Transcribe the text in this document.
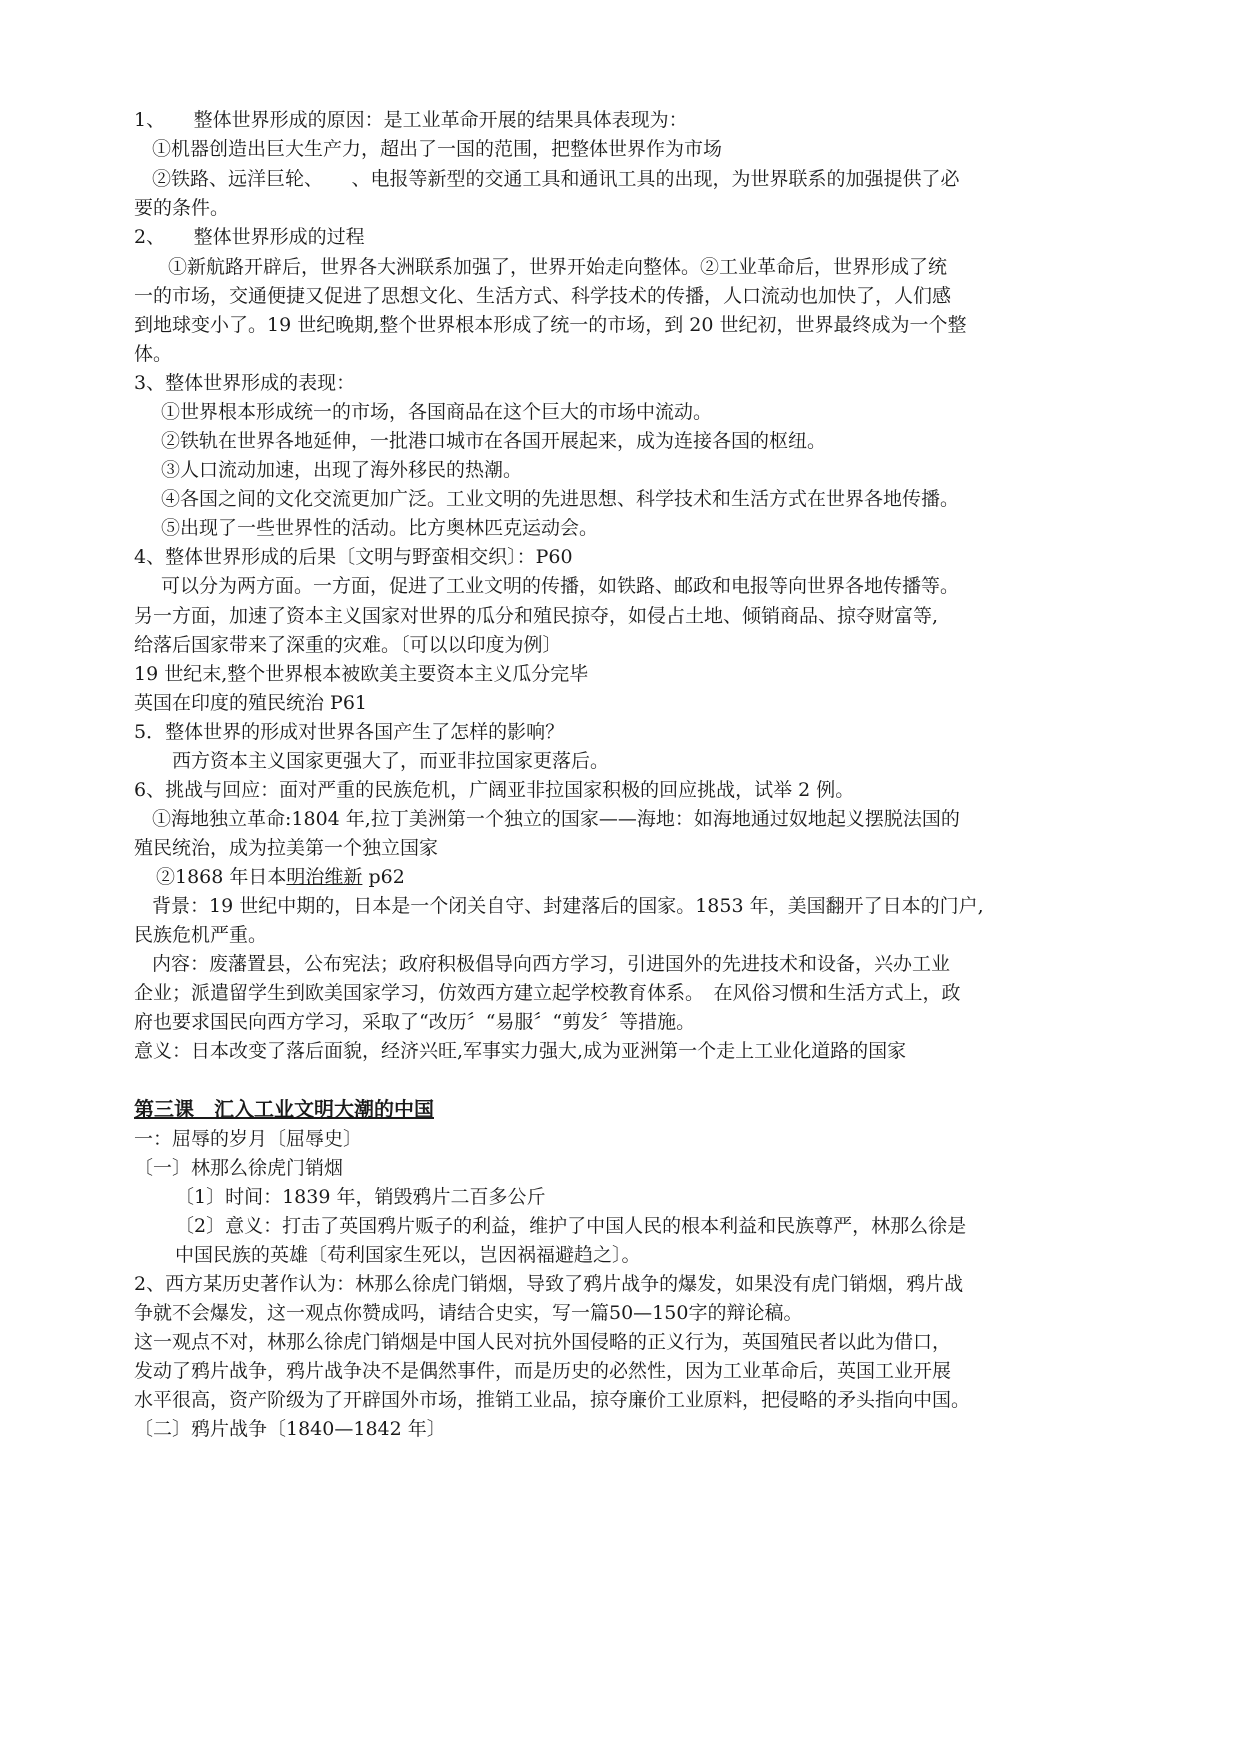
1、　　整体世界形成的原因：是工业革命开展的结果具体表现为：
①机器创造出巨大生产力，超出了一国的范围，把整体世界作为市场
②铁路、远洋巨轮、　　、电报等新型的交通工具和通讯工具的出现，为世界联系的加强提供了必
要的条件。
2、　　整体世界形成的过程
①新航路开辟后，世界各大洲联系加强了，世界开始走向整体。②工业革命后，世界形成了统
一的市场，交通便捷又促进了思想文化、生活方式、科学技术的传播，人口流动也加快了，人们感
到地球变小了。19 世纪晚期,整个世界根本形成了统一的市场，到 20 世纪初，世界最终成为一个整
体。
3、整体世界形成的表现：
①世界根本形成统一的市场，各国商品在这个巨大的市场中流动。
②铁轨在世界各地延伸，一批港口城市在各国开展起来，成为连接各国的枢纽。
③人口流动加速，出现了海外移民的热潮。
④各国之间的文化交流更加广泛。工业文明的先进思想、科学技术和生活方式在世界各地传播。
⑤出现了一些世界性的活动。比方奥林匹克运动会。
4、整体世界形成的后果〔文明与野蛮相交织〕：P60
可以分为两方面。一方面，促进了工业文明的传播，如铁路、邮政和电报等向世界各地传播等。
另一方面，加速了资本主义国家对世界的瓜分和殖民掠夺，如侵占土地、倾销商品、掠夺财富等,
给落后国家带来了深重的灾难。〔可以以印度为例〕
19 世纪末,整个世界根本被欧美主要资本主义瓜分完毕
英国在印度的殖民统治 P61
5．整体世界的形成对世界各国产生了怎样的影响？
西方资本主义国家更强大了，而亚非拉国家更落后。
6、挑战与回应：面对严重的民族危机，广阔亚非拉国家积极的回应挑战，试举 2 例。
①海地独立革命:1804 年,拉丁美洲第一个独立的国家——海地：如海地通过奴地起义摆脱法国的
殖民统治，成为拉美第一个独立国家
②1868 年日本明治维新 p62
背景：19 世纪中期的，日本是一个闭关自守、封建落后的国家。1853 年，美国翻开了日本的门户,
民族危机严重。
内容：废藩置县，公布宪法；政府积极倡导向西方学习，引进国外的先进技术和设备，兴办工业
企业；派遣留学生到欧美国家学习，仿效西方建立起学校教育体系。　在风俗习惯和生活方式上，政
府也要求国民向西方学习，采取了“改历〞“易服〞“剪发〞等措施。
意义：日本改变了落后面貌，经济兴旺,军事实力强大,成为亚洲第一个走上工业化道路的国家
第三课　汇入工业文明大潮的中国
一：屈辱的岁月〔屈辱史〕
〔一〕林那么徐虎门销烟
〔1〕时间：1839 年，销毁鸦片二百多公斤
〔2〕意义：打击了英国鸦片贩子的利益，维护了中国人民的根本利益和民族尊严，林那么徐是
中国民族的英雄〔苟利国家生死以，岂因祸福避趋之〕。
2、西方某历史著作认为：林那么徐虎门销烟，导致了鸦片战争的爆发，如果没有虎门销烟，鸦片战
争就不会爆发，这一观点你赞成吗，请结合史实，写一篇50—150字的辩论稿。
这一观点不对，林那么徐虎门销烟是中国人民对抗外国侵略的正义行为，英国殖民者以此为借口，
发动了鸦片战争，鸦片战争决不是偶然事件，而是历史的必然性，因为工业革命后，英国工业开展
水平很高，资产阶级为了开辟国外市场，推销工业品，掠夺廉价工业原料，把侵略的矛头指向中国。
〔二〕鸦片战争〔1840—1842 年〕
